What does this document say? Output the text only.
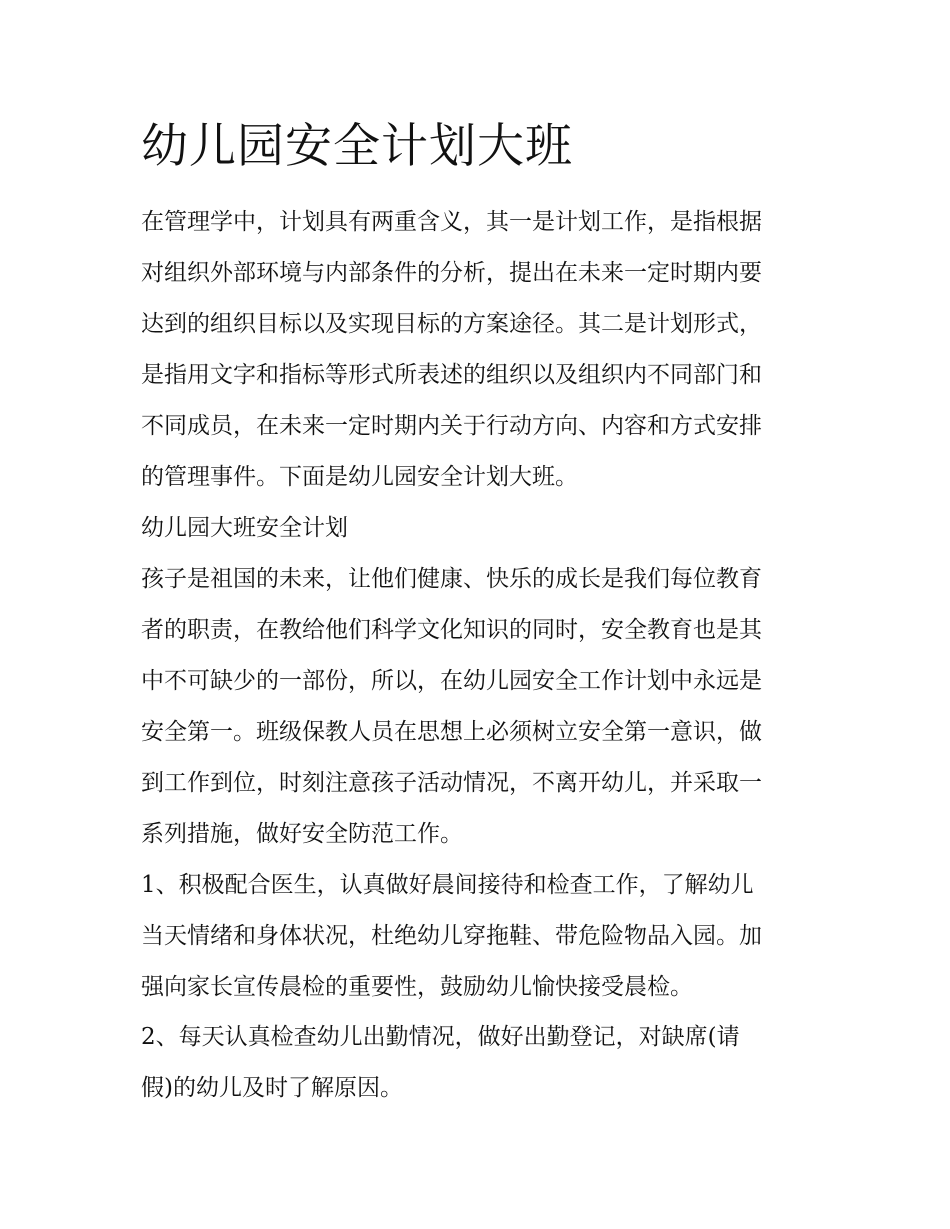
幼儿园安全计划大班
在管理学中，计划具有两重含义，其一是计划工作，是指根据
对组织外部环境与内部条件的分析，提出在未来一定时期内要
达到的组织目标以及实现目标的方案途径。其二是计划形式，
是指用文字和指标等形式所表述的组织以及组织内不同部门和
不同成员，在未来一定时期内关于行动方向、内容和方式安排
的管理事件。下面是幼儿园安全计划大班。
幼儿园大班安全计划
孩子是祖国的未来，让他们健康、快乐的成长是我们每位教育
者的职责，在教给他们科学文化知识的同时，安全教育也是其
中不可缺少的一部份，所以，在幼儿园安全工作计划中永远是
安全第一。班级保教人员在思想上必须树立安全第一意识，做
到工作到位，时刻注意孩子活动情况，不离开幼儿，并采取一
系列措施，做好安全防范工作。
1、积极配合医生，认真做好晨间接待和检查工作，了解幼儿
当天情绪和身体状况，杜绝幼儿穿拖鞋、带危险物品入园。加
强向家长宣传晨检的重要性，鼓励幼儿愉快接受晨检。
2、每天认真检查幼儿出勤情况，做好出勤登记，对缺席(请
假)的幼儿及时了解原因。
